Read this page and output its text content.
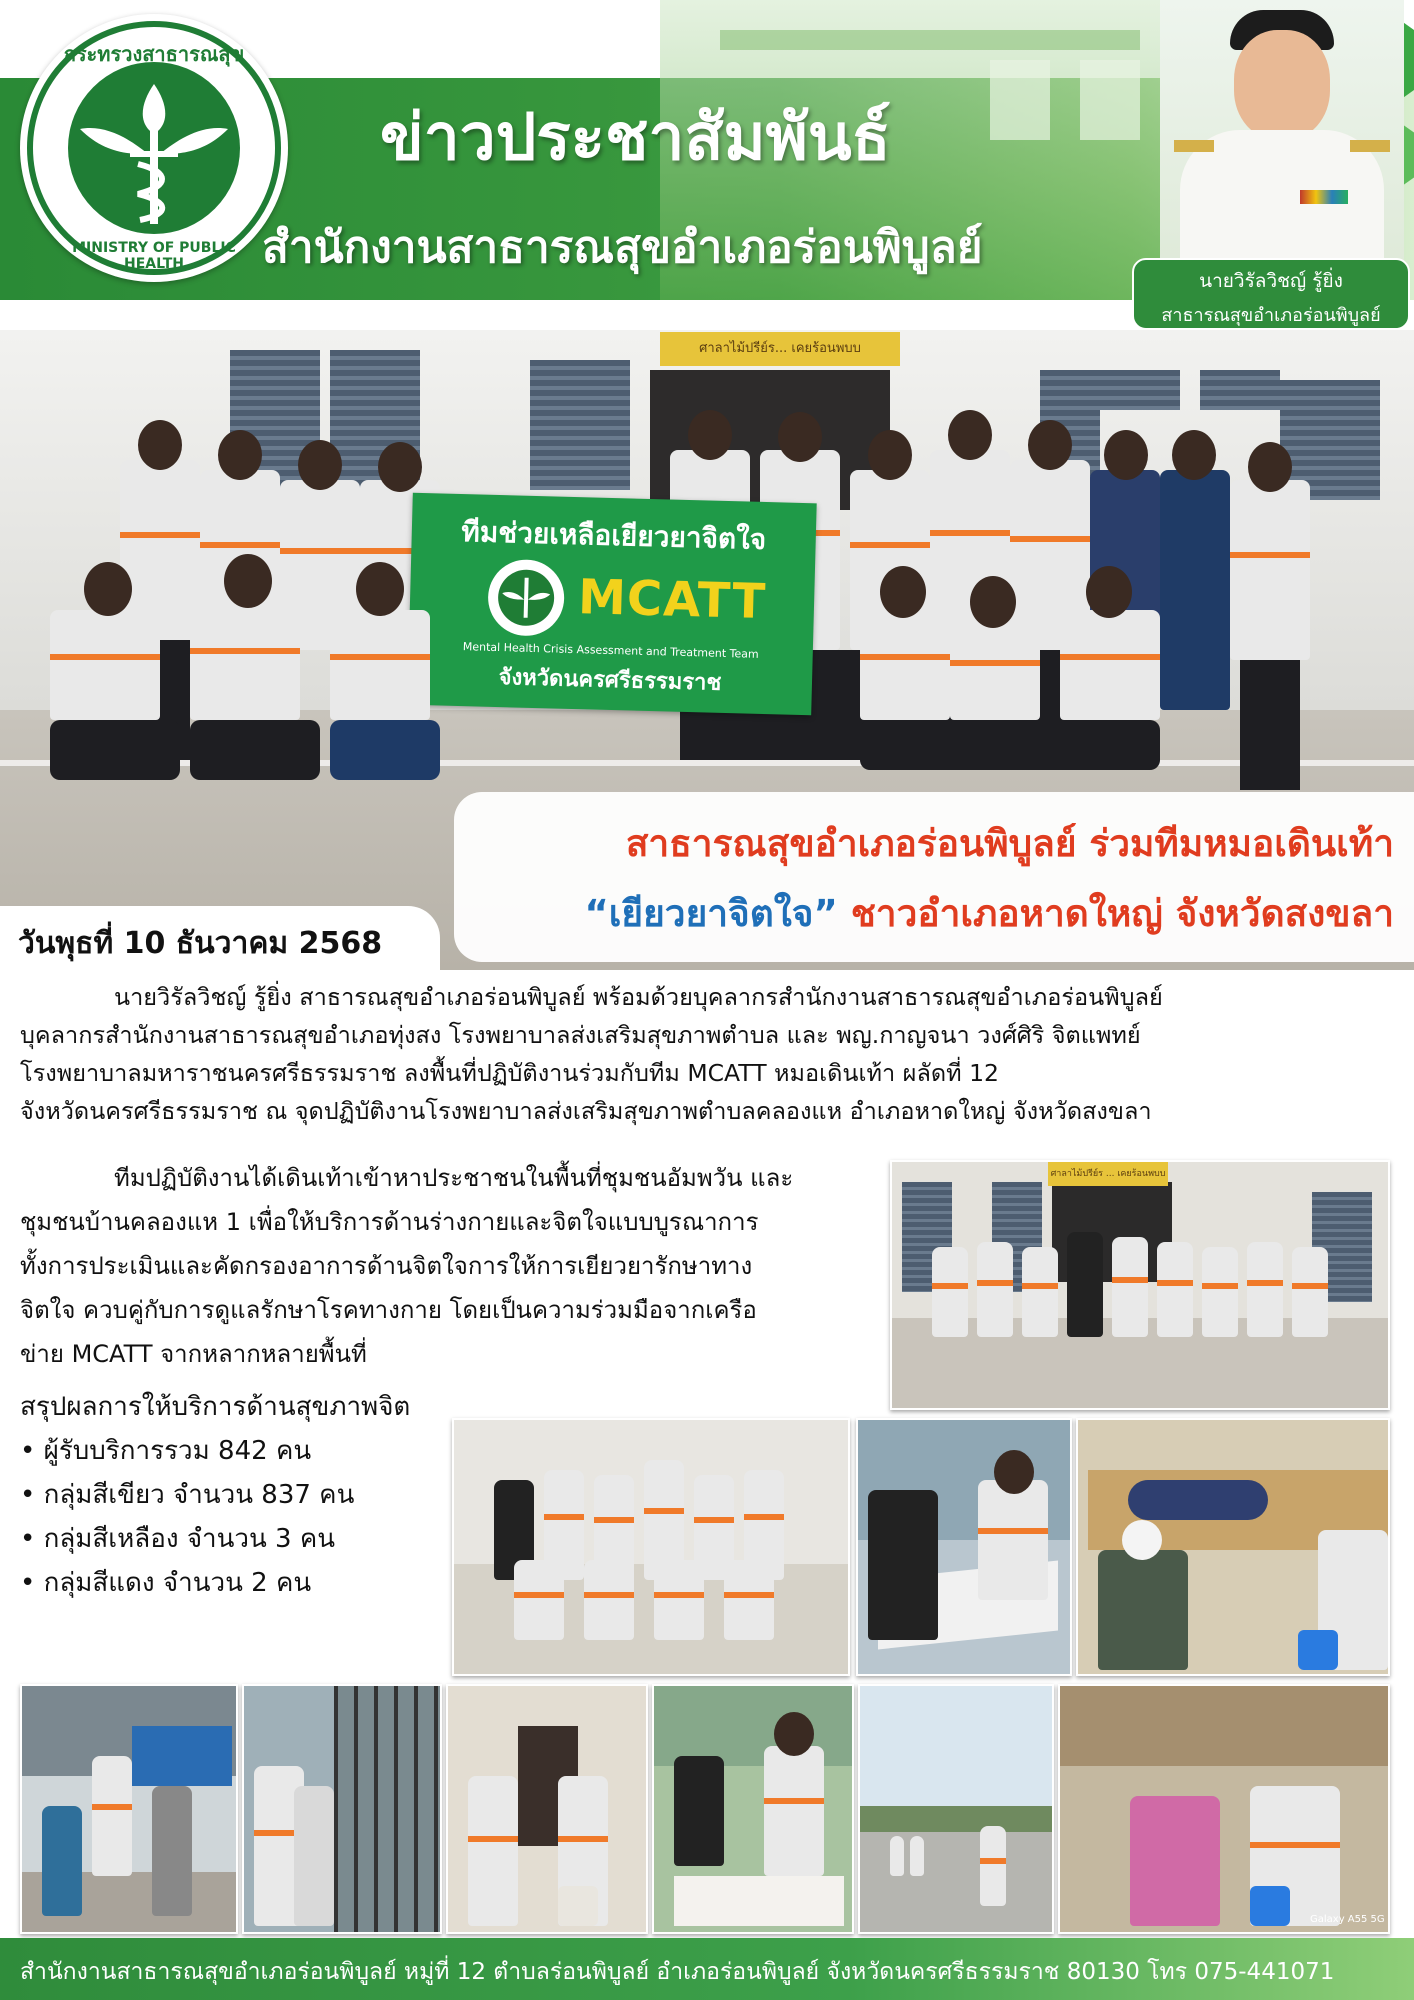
กระทรวงสาธารณสุข
MINISTRY OF PUBLIC HEALTH
ข่าวประชาสัมพันธ์
สำนักงานสาธารณสุขอำเภอร่อนพิบูลย์
นายวิรัลวิชญ์ รู้ยิ่ง
สาธารณสุขอำเภอร่อนพิบูลย์
ศาลาไม้ปรีย์ร... เคยร้อนพบบ
ทีมช่วยเหลือเยียวยาจิตใจ
MCATT
Mental Health Crisis Assessment and Treatment Team
จังหวัดนครศรีธรรมราช
สาธารณสุขอำเภอร่อนพิบูลย์ ร่วมทีมหมอเดินเท้า
“เยียวยาจิตใจ” ชาวอำเภอหาดใหญ่ จังหวัดสงขลา
วันพุธที่ 10 ธันวาคม 2568
นายวิรัลวิชญ์ รู้ยิ่ง สาธารณสุขอำเภอร่อนพิบูลย์ พร้อมด้วยบุคลากรสำนักงานสาธารณสุขอำเภอร่อนพิบูลย์
บุคลากรสำนักงานสาธารณสุขอำเภอทุ่งสง โรงพยาบาลส่งเสริมสุขภาพตำบล และ พญ.กาญจนา วงศ์ศิริ จิตแพทย์
โรงพยาบาลมหาราชนครศรีธรรมราช ลงพื้นที่ปฏิบัติงานร่วมกับทีม MCATT หมอเดินเท้า ผลัดที่ 12
จังหวัดนครศรีธรรมราช ณ จุดปฏิบัติงานโรงพยาบาลส่งเสริมสุขภาพตำบลคลองแห อำเภอหาดใหญ่ จังหวัดสงขลา
ทีมปฏิบัติงานได้เดินเท้าเข้าหาประชาชนในพื้นที่ชุมชนอัมพวัน และ
ชุมชนบ้านคลองแห 1 เพื่อให้บริการด้านร่างกายและจิตใจแบบบูรณาการ
ทั้งการประเมินและคัดกรองอาการด้านจิตใจการให้การเยียวยารักษาทาง
จิตใจ ควบคู่กับการดูแลรักษาโรคทางกาย โดยเป็นความร่วมมือจากเครือ
ข่าย MCATT จากหลากหลายพื้นที่
สรุปผลการให้บริการด้านสุขภาพจิต
• ผู้รับบริการรวม 842 คน
• กลุ่มสีเขียว จำนวน 837 คน
• กลุ่มสีเหลือง จำนวน 3 คน
• กลุ่มสีแดง จำนวน 2 คน
ศาลาไม้ปรีย์ร ... เคยร้อนพบบ
Galaxy A55 5G
สำนักงานสาธารณสุขอำเภอร่อนพิบูลย์ หมู่ที่ 12 ตำบลร่อนพิบูลย์ อำเภอร่อนพิบูลย์ จังหวัดนครศรีธรรมราช 80130 โทร 075-441071
